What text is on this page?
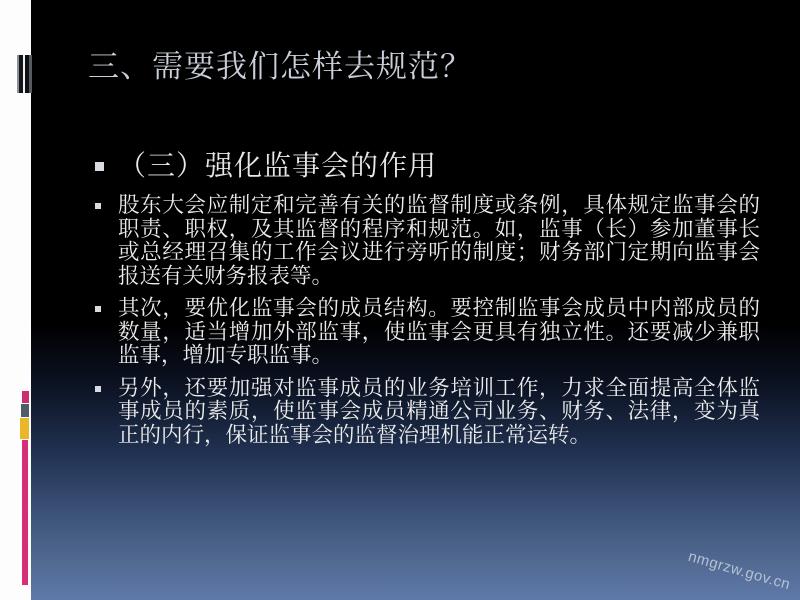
三、需要我们怎样去规范？
（三）强化监事会的作用
股东大会应制定和完善有关的监督制度或条例，具体规定监事会的职责、职权，及其监督的程序和规范。如，监事（长）参加董事长或总经理召集的工作会议进行旁听的制度；财务部门定期向监事会报送有关财务报表等。
其次，要优化监事会的成员结构。要控制监事会成员中内部成员的数量，适当增加外部监事，使监事会更具有独立性。还要减少兼职监事，增加专职监事。
另外，还要加强对监事成员的业务培训工作，力求全面提高全体监事成员的素质，使监事会成员精通公司业务、财务、法律，变为真正的内行，保证监事会的监督治理机能正常运转。
nmgrzw.gov.cn
